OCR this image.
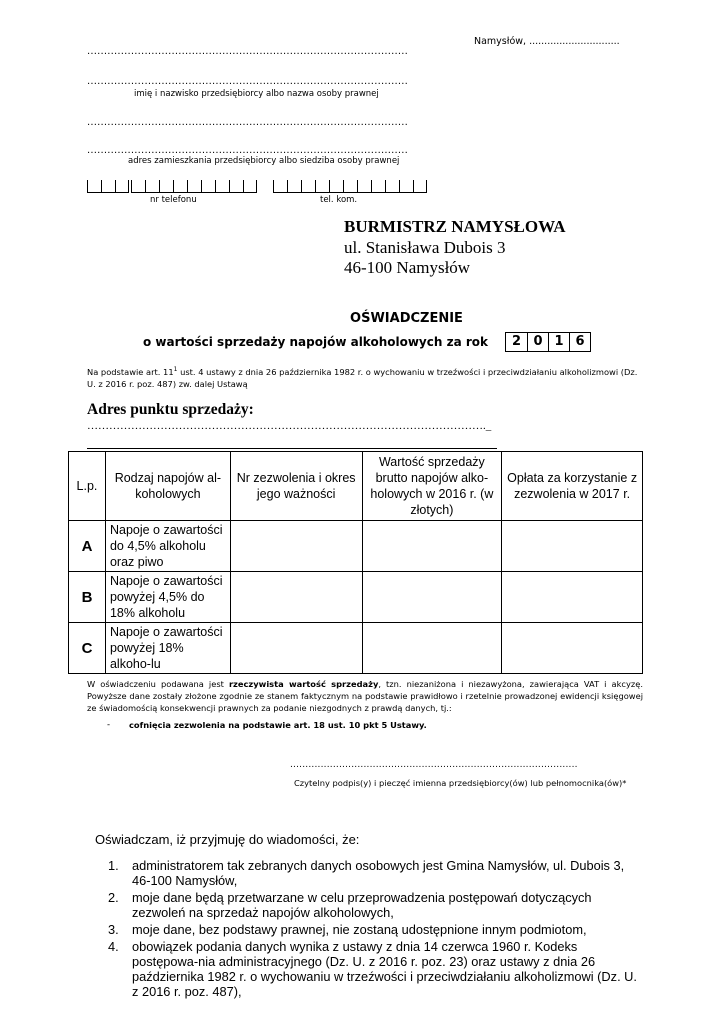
Namysłów, ..............................
...............................................................................................
...............................................................................................
imię i nazwisko przedsiębiorcy albo nazwa osoby prawnej
...............................................................................................
...............................................................................................
adres zamieszkania przedsiębiorcy albo siedziba osoby prawnej
nr telefonu	tel. kom.
BURMISTRZ NAMYSŁOWA
ul. Stanisława Dubois 3
46-100 Namysłów
OŚWIADCZENIE
o wartości sprzedaży napojów alkoholowych za rok	2 0 1 6
Na podstawie art. $11^1$ ust. 4 ustawy z dnia 26 października 1982 r. o wychowaniu w trzeźwości i przeciwdziałaniu alkoholizmowi (Dz. U. z 2016 r. poz. 487) zw. dalej Ustawą
Adres punktu sprzedaży:
………………………………………………………………………………………………._
L.p.	Rodzaj napojów al-koholowych	Nr zezwolenia i okres jego ważności	Wartość sprzedaży brutto napojów alko-holowych w 2016 r. (w złotych)	Opłata za korzystanie z zezwolenia w 2017 r.
A	Napoje o zawartości do 4,5% alkoholu oraz piwo			
B	Napoje o zawartości powyżej 4,5% do 18% alkoholu			
C	Napoje o zawartości powyżej 18% alkoho-lu			
W oświadczeniu podawana jest rzeczywista wartość sprzedaży, tzn. niezaniżona i niezawyżona, zawierająca VAT i akcyzę. Powyższe dane zostały złożone zgodnie ze stanem faktycznym na podstawie prawidłowo i rzetelnie prowadzonej ewidencji księgowej ze świadomością konsekwencji prawnych za podanie niezgodnych z prawdą danych, tj.:
- cofnięcia zezwolenia na podstawie art. 18 ust. 10 pkt 5 Ustawy.
..............................................................................................
Czytelny podpis(y) i pieczęć imienna przedsiębiorcy(ów) lub pełnomocnika(ów)*
Oświadczam, iż przyjmuję do wiadomości, że:
1. administratorem tak zebranych danych osobowych jest Gmina Namysłów, ul. Dubois 3, 46-100 Namysłów,
2. moje dane będą przetwarzane w celu przeprowadzenia postępowań dotyczących zezwoleń na sprzedaż napojów alkoholowych,
3. moje dane, bez podstawy prawnej, nie zostaną udostępnione innym podmiotom,
4. obowiązek podania danych wynika z ustawy z dnia 14 czerwca 1960 r. Kodeks postępowa-nia administracyjnego (Dz. U. z 2016 r. poz. 23) oraz ustawy z dnia 26 października 1982 r. o wychowaniu w trzeźwości i przeciwdziałaniu alkoholizmowi (Dz. U. z 2016 r. poz. 487),
